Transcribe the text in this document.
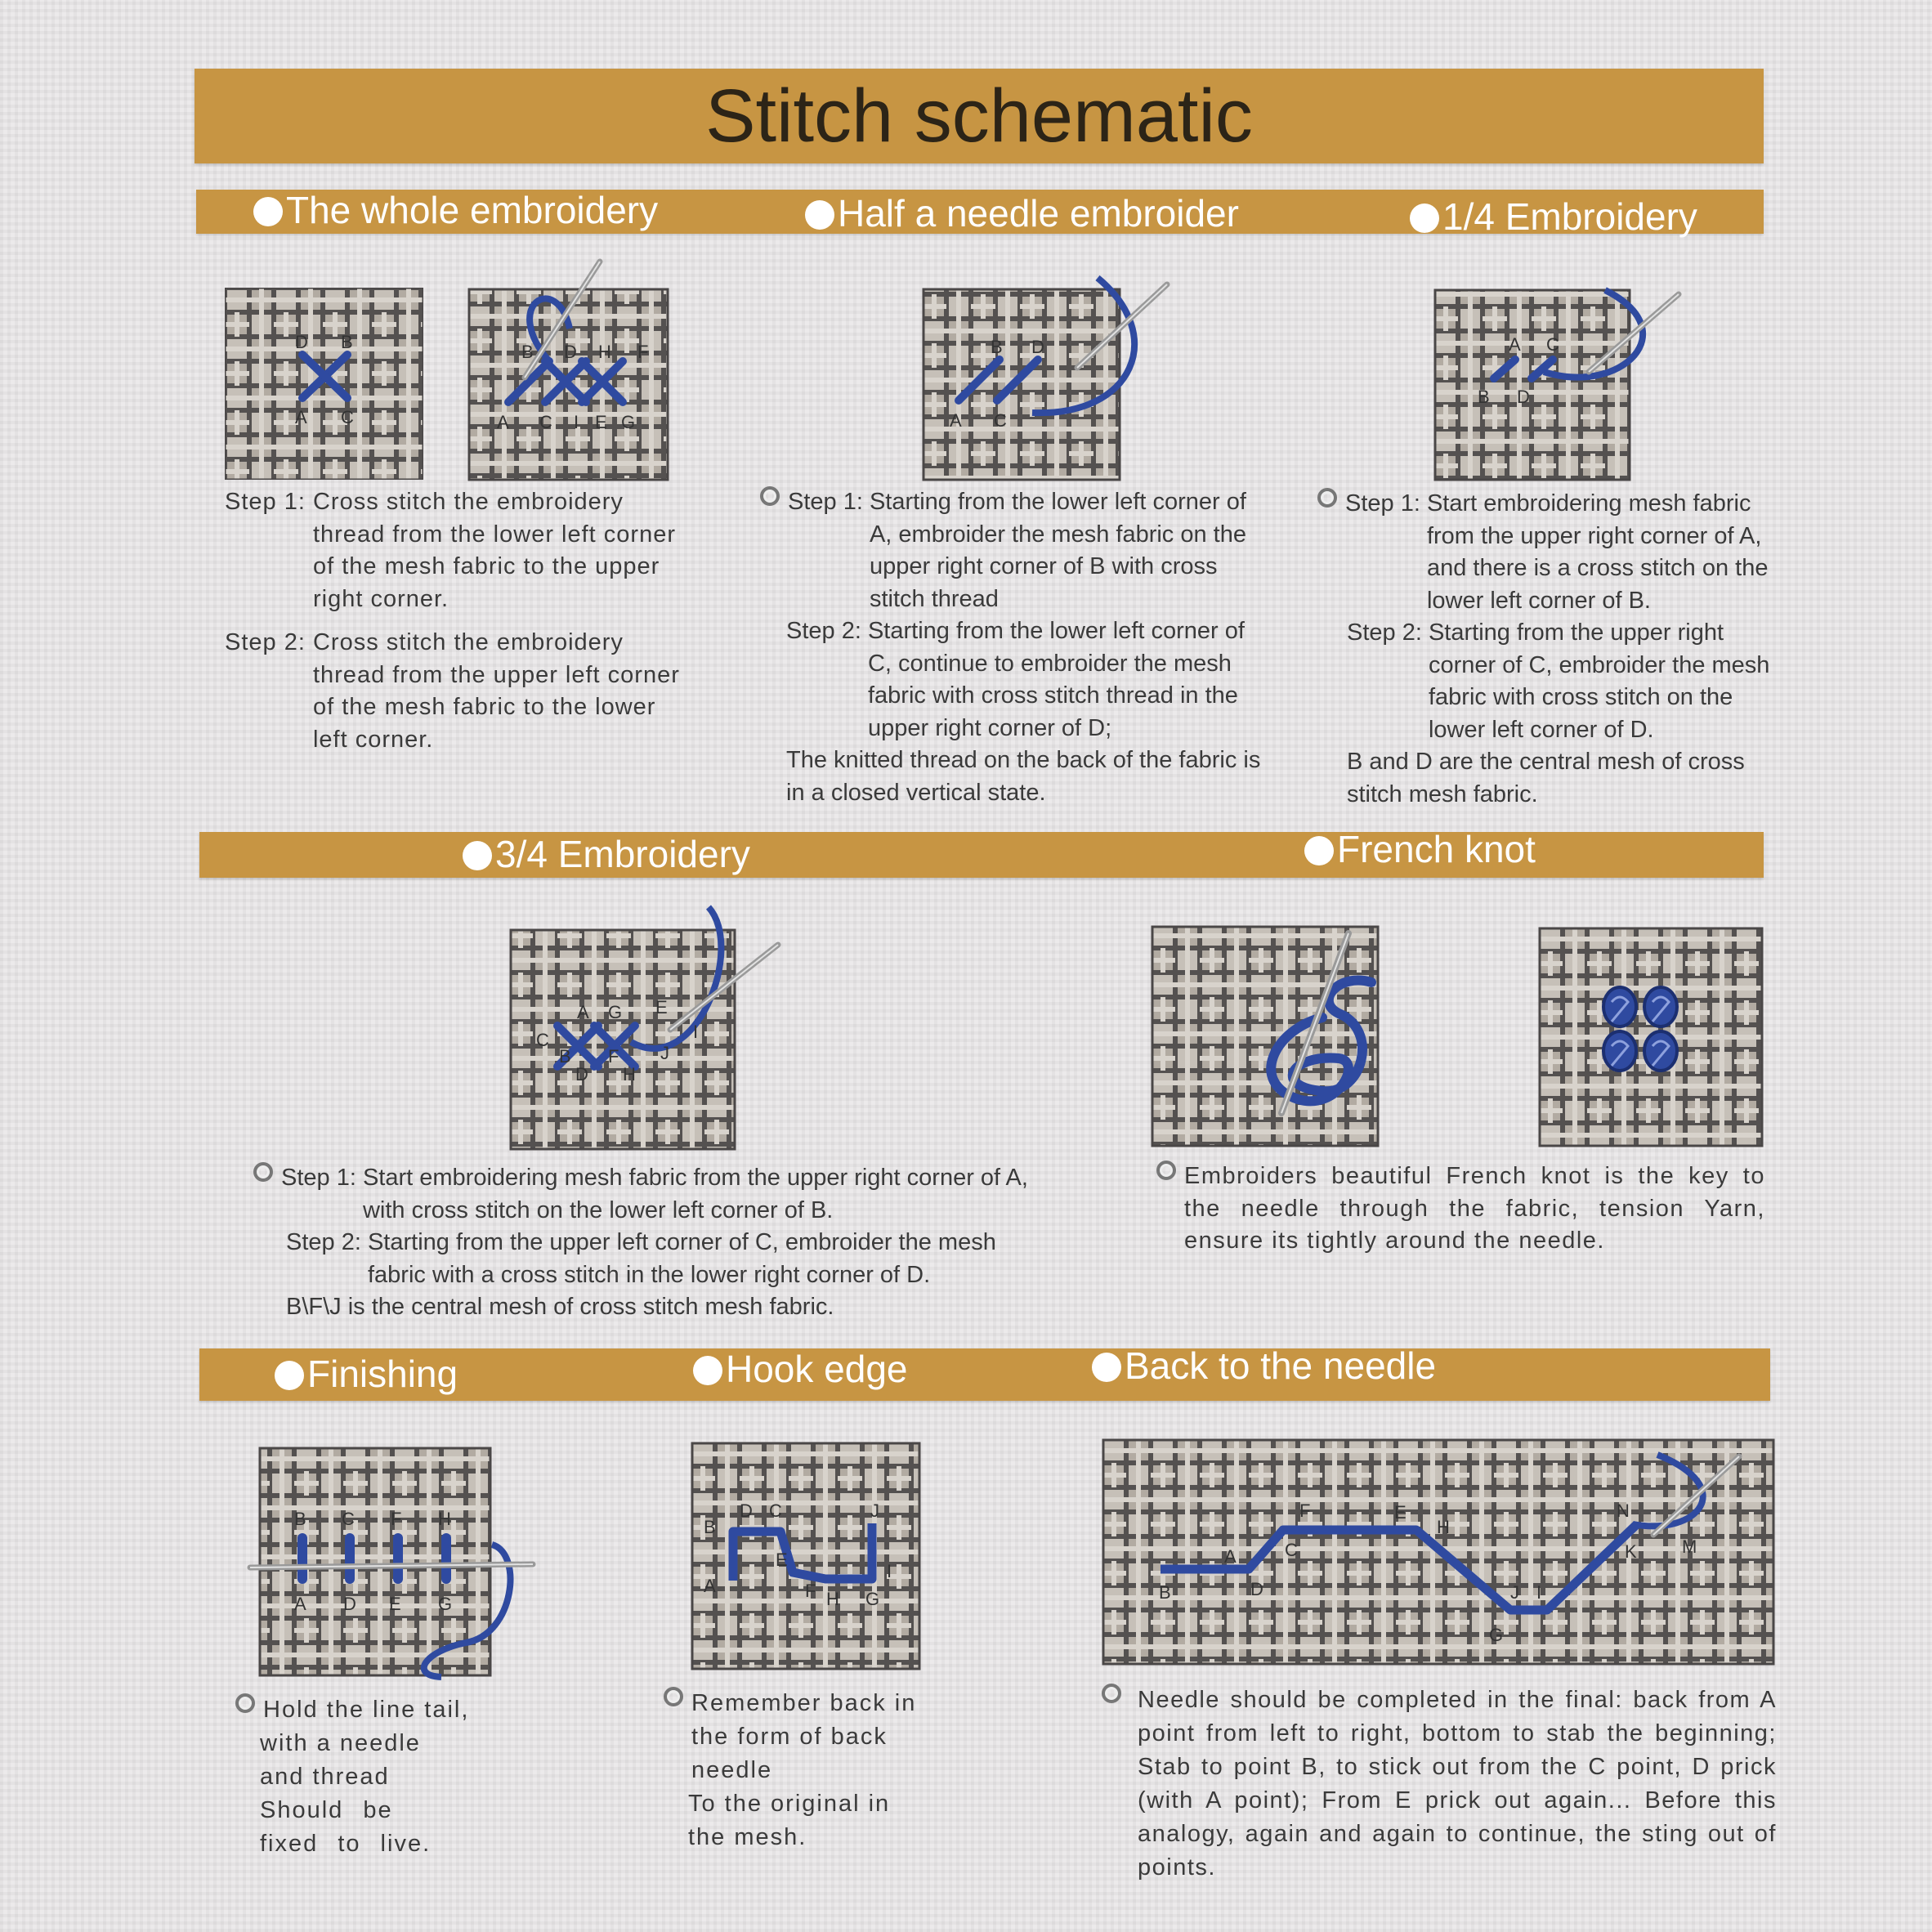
Stitch schematic
The whole embroidery	Half a needle embroider	1/4 Embroidery
D B
A C
B D H F
A C I E G
B D
A C
A C
B D
Step 1:
Cross stitch the embroidery thread from the lower left corner of the mesh fabric to the upper right corner.
Step 2:
Cross stitch the embroidery thread from the upper left corner of the mesh fabric to the lower left corner.
Step 1:
Starting from the lower left corner of A, embroider the mesh fabric on the upper right corner of B with cross stitch thread
Step 2:
Starting from the lower left corner of C, continue to embroider the mesh fabric with cross stitch thread in the upper right corner of D;

The knitted thread on the back of the fabric is in a closed vertical state.

Step 1:
Start embroidering mesh fabric from the upper right corner of A, and there is a cross stitch on the lower left corner of B.
Step 2:
Starting from the upper right corner of C, embroider the mesh fabric with cross stitch on the lower left corner of D.

B and D are the central mesh of cross stitch mesh fabric.

3/4 Embroidery	French knot
A G E
C
B F J
D H
I
Step 1:
Start embroidering mesh fabric from the upper right corner of A, with cross stitch on the lower left corner of B.
Step 2:
Starting from the upper left corner of C, embroider the mesh fabric with a cross stitch in the lower right corner of D.

B\F\J is the central mesh of cross stitch mesh fabric.

Embroiders beautiful French knot is the key to the needle through the fabric, tension Yarn, ensure its tightly around the needle.
Finishing	Hook edge	Back to the needle
B C F H
A D E G
D C	J
B
E
A	F
I
H G
F	E
H
A	C
B	D	J I
G
N
K	M
Hold the line tail,

with a needle and thread

Should be fixed to live.

Remember back in the form of back needle

To the original in the mesh.

Needle should be completed in the final: back from A point from left to right, bottom to stab the beginning; Stab to point B, to stick out from the C point, D prick (with A point); From E prick out again... Before this analogy, again and again to continue, the sting out of points.
